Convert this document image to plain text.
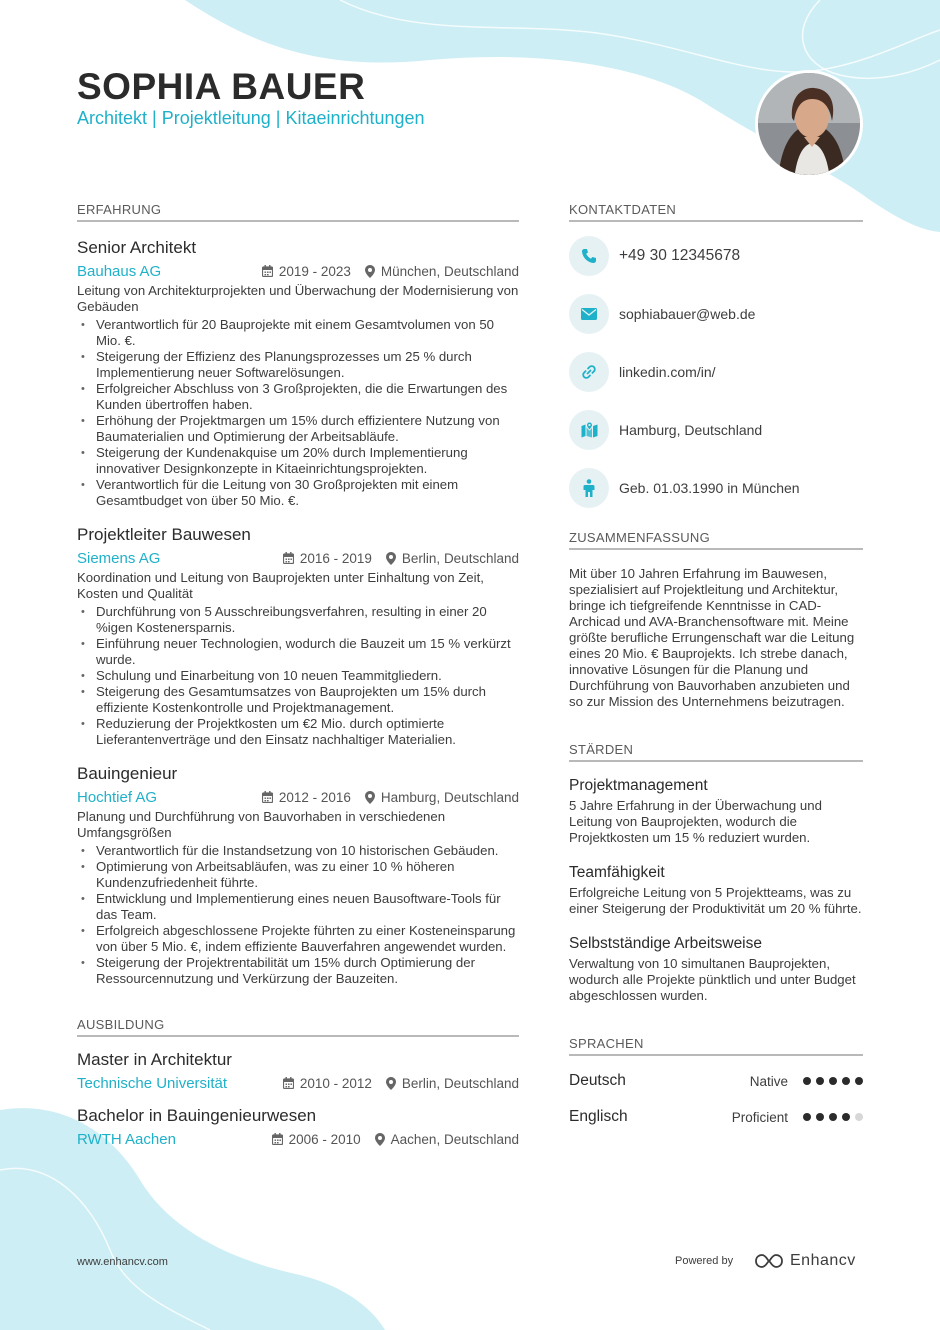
SOPHIA BAUER
Architekt | Projektleitung | Kitaeinrichtungen
ERFAHRUNG
Senior Architekt
Bauhaus AG	2019 - 2023 München, Deutschland
Leitung von Architekturprojekten und Überwachung der Modernisierung von Gebäuden
• Verantwortlich für 20 Bauprojekte mit einem Gesamtvolumen von 50 Mio. €.
• Steigerung der Effizienz des Planungsprozesses um 25 % durch Implementierung neuer Softwarelösungen.
• Erfolgreicher Abschluss von 3 Großprojekten, die die Erwartungen des Kunden übertroffen haben.
• Erhöhung der Projektmargen um 15% durch effizientere Nutzung von Baumaterialien und Optimierung der Arbeitsabläufe.
• Steigerung der Kundenakquise um 20% durch Implementierung innovativer Designkonzepte in Kitaeinrichtungsprojekten.
• Verantwortlich für die Leitung von 30 Großprojekten mit einem Gesamtbudget von über 50 Mio. €.
Projektleiter Bauwesen
Siemens AG	2016 - 2019 Berlin, Deutschland
Koordination und Leitung von Bauprojekten unter Einhaltung von Zeit, Kosten und Qualität
• Durchführung von 5 Ausschreibungsverfahren, resulting in einer 20 %igen Kostenersparnis.
• Einführung neuer Technologien, wodurch die Bauzeit um 15 % verkürzt wurde.
• Schulung und Einarbeitung von 10 neuen Teammitgliedern.
• Steigerung des Gesamtumsatzes von Bauprojekten um 15% durch effiziente Kostenkontrolle und Projektmanagement.
• Reduzierung der Projektkosten um €2 Mio. durch optimierte Lieferantenverträge und den Einsatz nachhaltiger Materialien.
Bauingenieur
Hochtief AG	2012 - 2016 Hamburg, Deutschland
Planung und Durchführung von Bauvorhaben in verschiedenen Umfangsgrößen
• Verantwortlich für die Instandsetzung von 10 historischen Gebäuden.
• Optimierung von Arbeitsabläufen, was zu einer 10 % höheren Kundenzufriedenheit führte.
• Entwicklung und Implementierung eines neuen Bausoftware-Tools für das Team.
• Erfolgreich abgeschlossene Projekte führten zu einer Kosteneinsparung von über 5 Mio. €, indem effiziente Bauverfahren angewendet wurden.
• Steigerung der Projektrentabilität um 15% durch Optimierung der Ressourcennutzung und Verkürzung der Bauzeiten.
AUSBILDUNG
Master in Architektur
Technische Universität	2010 - 2012 Berlin, Deutschland
Bachelor in Bauingenieurwesen
RWTH Aachen	2006 - 2010 Aachen, Deutschland
KONTAKTDATEN
+49 30 12345678
sophiabauer@web.de
linkedin.com/in/
Hamburg, Deutschland
Geb. 01.03.1990 in München
ZUSAMMENFASSUNG
Mit über 10 Jahren Erfahrung im Bauwesen, spezialisiert auf Projektleitung und Architektur, bringe ich tiefgreifende Kenntnisse in CAD-Archicad und AVA-Branchensoftware mit. Meine größte berufliche Errungenschaft war die Leitung eines 20 Mio. € Bauprojekts. Ich strebe danach, innovative Lösungen für die Planung und Durchführung von Bauvorhaben anzubieten und so zur Mission des Unternehmens beizutragen.
STÄRDEN
Projektmanagement
5 Jahre Erfahrung in der Überwachung und Leitung von Bauprojekten, wodurch die Projektkosten um 15 % reduziert wurden.
Teamfähigkeit
Erfolgreiche Leitung von 5 Projektteams, was zu einer Steigerung der Produktivität um 20 % führte.
Selbstständige Arbeitsweise
Verwaltung von 10 simultanen Bauprojekten, wodurch alle Projekte pünktlich und unter Budget abgeschlossen wurden.
SPRACHEN
Deutsch	Native
Englisch	Proficient
www.enhancv.com	Powered by	Enhancv
